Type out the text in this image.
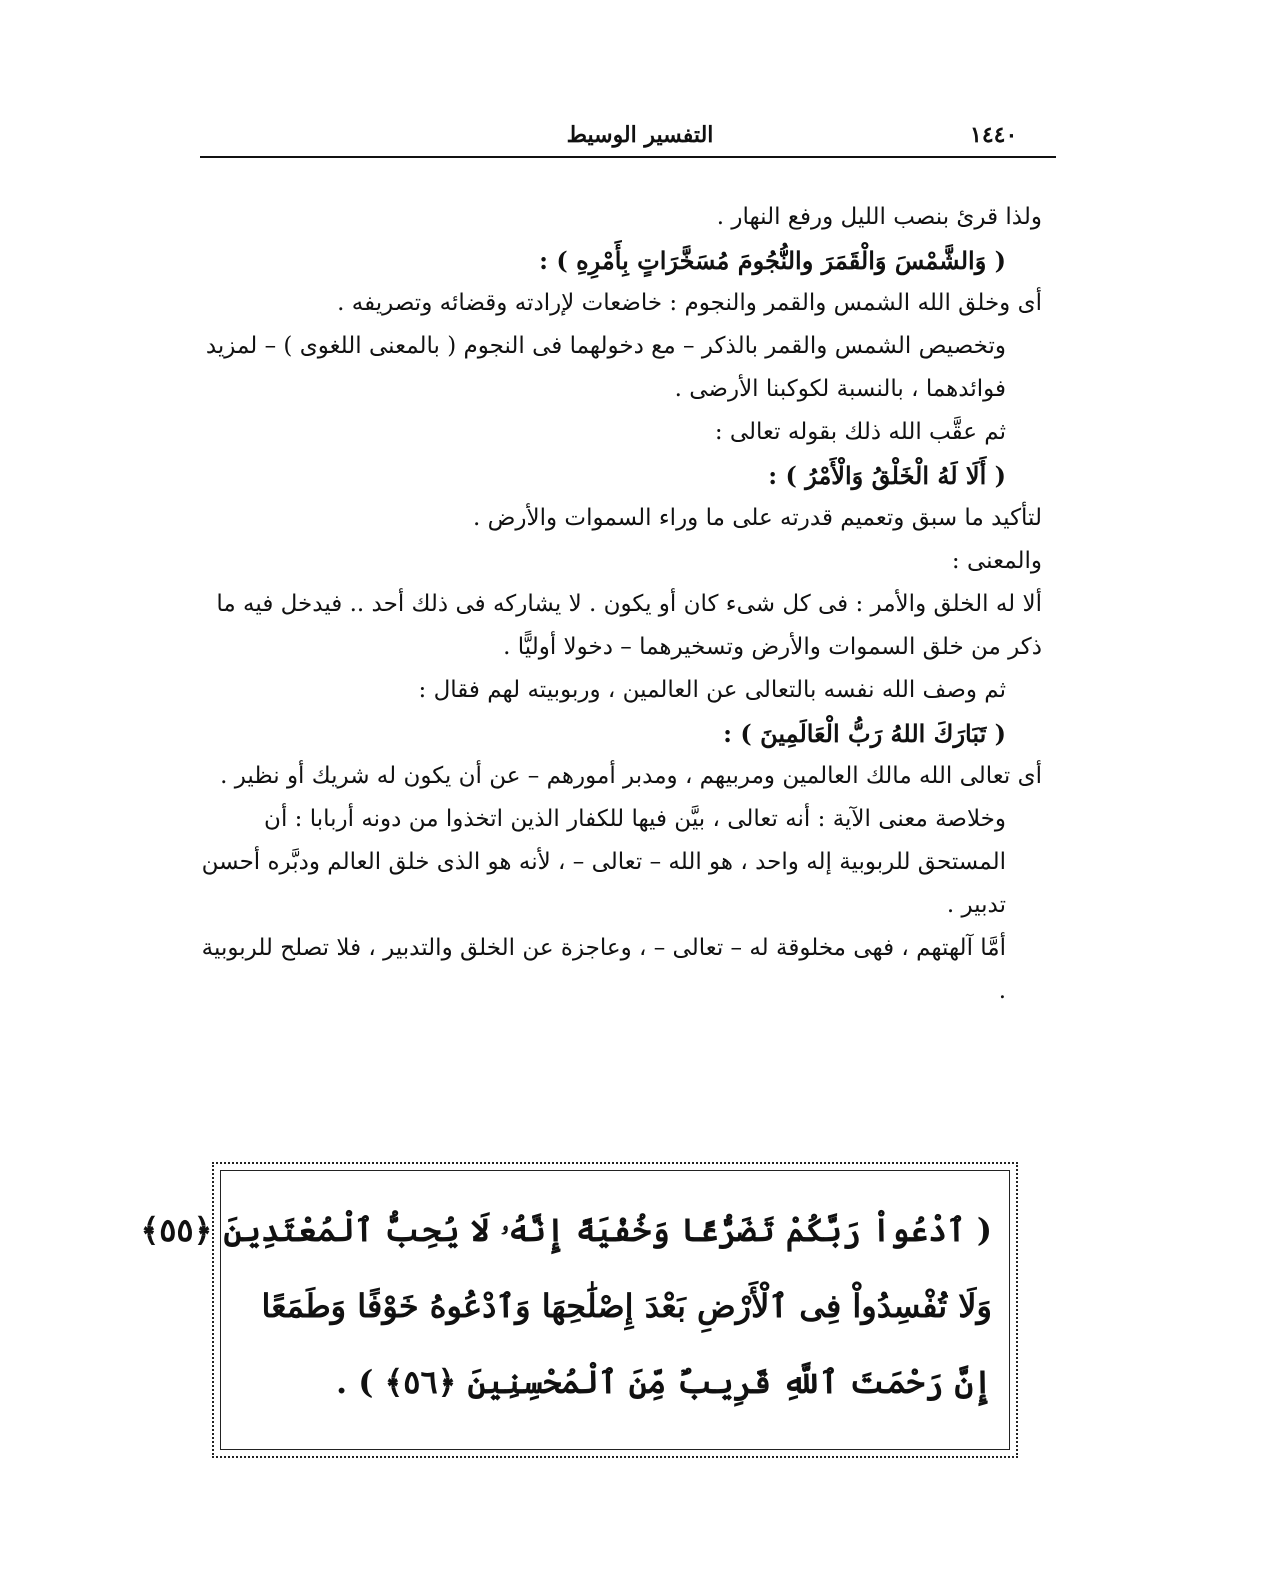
١٤٤٠
التفسير الوسيط

ولذا قرئ بنصب الليل ورفع النهار .

( وَالشَّمْسَ وَالْقَمَرَ والنُّجُومَ مُسَخَّرَاتٍ بِأَمْرِهِ ) :

أى وخلق الله الشمس والقمر والنجوم : خاضعات لإرادته وقضائه وتصريفه .

وتخصيص الشمس والقمر بالذكر – مع دخولهما فى النجوم ( بالمعنى اللغوى ) – لمزيد فوائدهما ، بالنسبة لكوكبنا الأرضى .

ثم عقَّب الله ذلك بقوله تعالى :

( أَلَا لَهُ الْخَلْقُ وَالْأَمْرُ ) :

لتأكيد ما سبق وتعميم قدرته على ما وراء السموات والأرض .

والمعنى :

ألا له الخلق والأمر : فى كل شىء كان أو يكون . لا يشاركه فى ذلك أحد .. فيدخل فيه ما ذكر من خلق السموات والأرض وتسخيرهما – دخولا أوليًّا .

ثم وصف الله نفسه بالتعالى عن العالمين ، وربوبيته لهم فقال :

( تَبَارَكَ اللهُ رَبُّ الْعَالَمِينَ ) :

أى تعالى الله مالك العالمين ومربيهم ، ومدبر أمورهم – عن أن يكون له شريك أو نظير .

وخلاصة معنى الآية : أنه تعالى ، بيَّن فيها للكفار الذين اتخذوا من دونه أربابا : أن المستحق للربوبية إله واحد ، هو الله – تعالى – ، لأنه هو الذى خلق العالم ودبَّره أحسن تدبير .

أمَّا آلهتهم ، فهى مخلوقة له – تعالى – ، وعاجزة عن الخلق والتدبير ، فلا تصلح للربوبية .

( ٱدْعُواْ رَبَّكُمْ تَضَرُّعًا وَخُفْيَةً إِنَّهُۥ لَا يُحِبُّ ٱلْمُعْتَدِينَ ﴿٥٥﴾
وَلَا تُفْسِدُواْ فِى ٱلْأَرْضِ بَعْدَ إِصْلَٰحِهَا وَٱدْعُوهُ خَوْفًا وَطَمَعًا
إِنَّ رَحْمَتَ ٱللَّهِ قَرِيبٌ مِّنَ ٱلْمُحْسِنِينَ ﴿٥٦﴾ ) .
